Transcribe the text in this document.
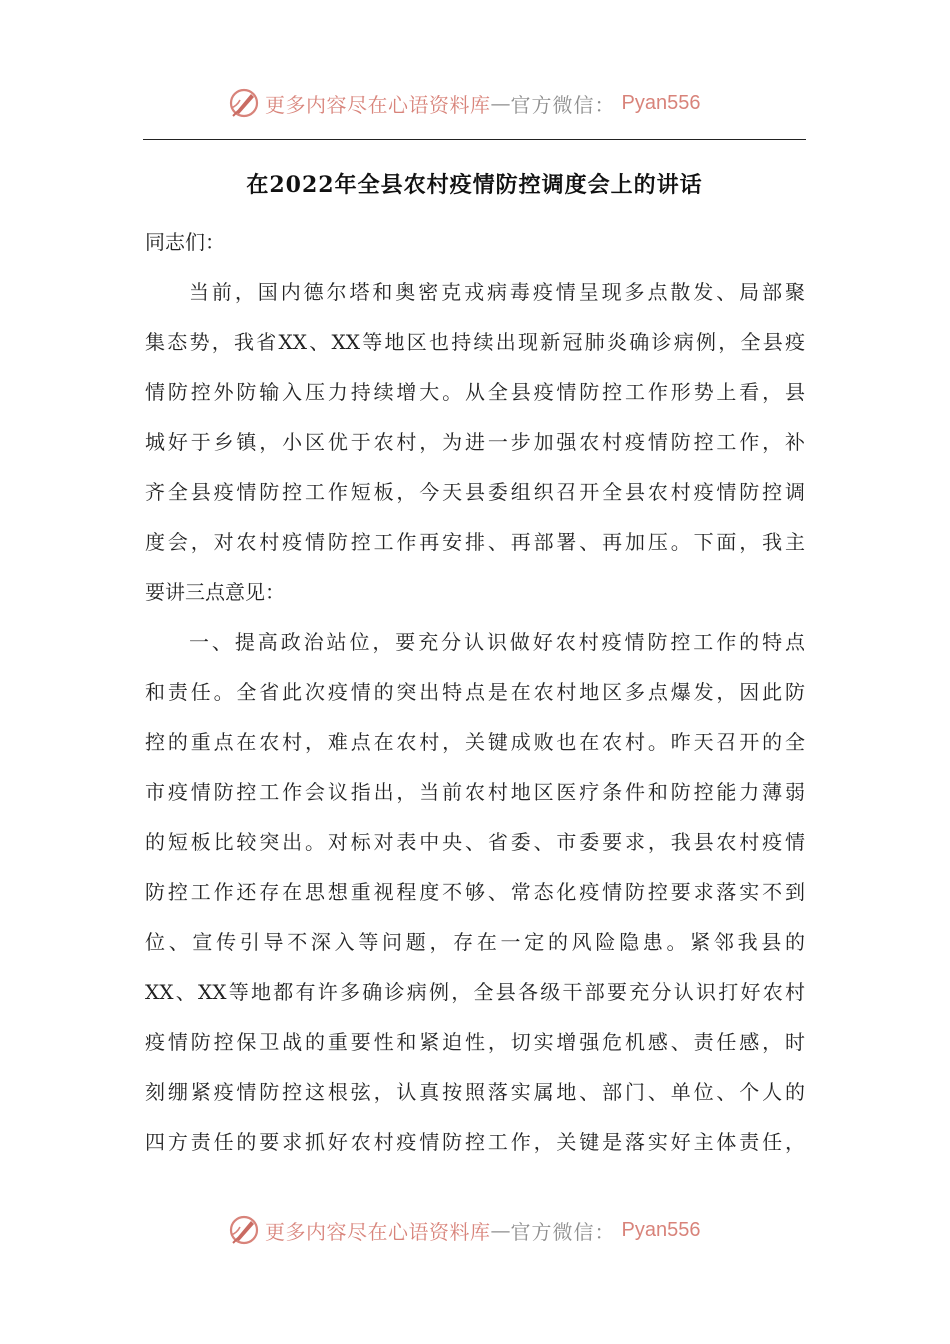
更多内容尽在心语资料库 — 官方微信： Pyan556
在2022年全县农村疫情防控调度会上的讲话
同志们：
当前，国内德尔塔和奥密克戎病毒疫情呈现多点散发、局部聚
集态势，我省XX、XX等地区也持续出现新冠肺炎确诊病例，全县疫
情防控外防输入压力持续增大。从全县疫情防控工作形势上看，县
城好于乡镇，小区优于农村，为进一步加强农村疫情防控工作，补
齐全县疫情防控工作短板，今天县委组织召开全县农村疫情防控调
度会，对农村疫情防控工作再安排、再部署、再加压。下面，我主
要讲三点意见：
一、提高政治站位，要充分认识做好农村疫情防控工作的特点
和责任。全省此次疫情的突出特点是在农村地区多点爆发，因此防
控的重点在农村，难点在农村，关键成败也在农村。昨天召开的全
市疫情防控工作会议指出，当前农村地区医疗条件和防控能力薄弱
的短板比较突出。对标对表中央、省委、市委要求，我县农村疫情
防控工作还存在思想重视程度不够、常态化疫情防控要求落实不到
位、宣传引导不深入等问题，存在一定的风险隐患。紧邻我县的
XX、XX等地都有许多确诊病例，全县各级干部要充分认识打好农村
疫情防控保卫战的重要性和紧迫性，切实增强危机感、责任感，时
刻绷紧疫情防控这根弦，认真按照落实属地、部门、单位、个人的
四方责任的要求抓好农村疫情防控工作，关键是落实好主体责任，
更多内容尽在心语资料库 — 官方微信： Pyan556
